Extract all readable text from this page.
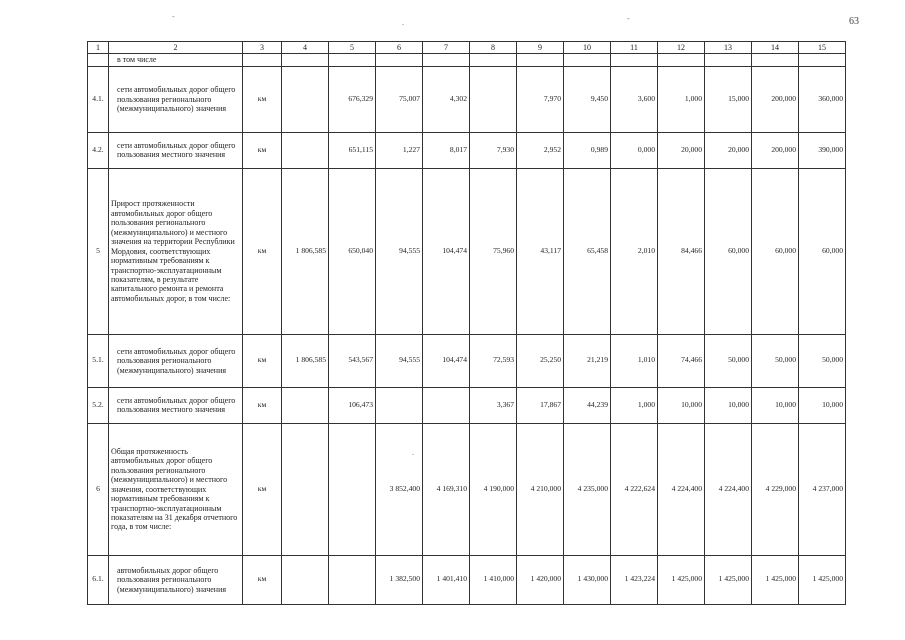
63
-
.	-
.
1	2	3	4	5	6	7	8	9	10	11	12	13	14	15
	в том числе													
4.1.	сети автомобильных дорог общего пользования регионального (межмуниципального) значения	км		676,329	75,007	4,302		7,970	9,450	3,600	1,000	15,000	200,000	360,000
4.2.	сети автомобильных дорог общего пользования местного значения	км		651,115	1,227	8,017	7,930	2,952	0,989	0,000	20,000	20,000	200,000	390,000
5	Прирост протяженности автомобильных дорог общего пользования регионального (межмуниципального) и местного значения на территории Республики Мордовия, соответствующих нормативным требованиям к транспортно-эксплуатационным показателям, в результате капитального ремонта и ремонта автомобильных дорог, в том числе:	км	1 806,585	650,040	94,555	104,474	75,960	43,117	65,458	2,010	84,466	60,000	60,000	60,000
5.1.	сети автомобильных дорог общего пользования регионального (межмуниципального) значения	км	1 806,585	543,567	94,555	104,474	72,593	25,250	21,219	1,010	74,466	50,000	50,000	50,000
5.2.	сети автомобильных дорог общего пользования местного значения	км		106,473			3,367	17,867	44,239	1,000	10,000	10,000	10,000	10,000
6	Общая протяженность автомобильных дорог общего пользования регионального (межмуниципального) и местного значения, соответствующих нормативным требованиям к транспортно-эксплуатационным показателям на 31 декабря отчетного года, в том числе:	км			3 852,400	4 169,310	4 190,000	4 210,000	4 235,000	4 222,624	4 224,400	4 224,400	4 229,000	4 237,000
6.1.	автомобильных дорог общего пользования регионального (межмуниципального) значения	км			1 382,500	1 401,410	1 410,000	1 420,000	1 430,000	1 423,224	1 425,000	1 425,000	1 425,000	1 425,000
